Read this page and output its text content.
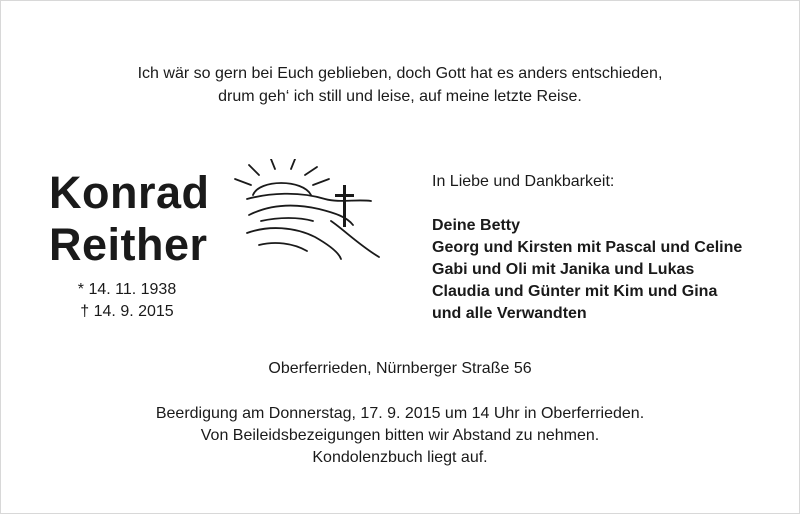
Ich wär so gern bei Euch geblieben, doch Gott hat es anders entschieden,
drum geh‘ ich still und leise, auf meine letzte Reise.
Konrad
Reither
* 14. 11. 1938
† 14. 9. 2015
In Liebe und Dankbarkeit:
Deine Betty
Georg und Kirsten mit Pascal und Celine
Gabi und Oli mit Janika und Lukas
Claudia und Günter mit Kim und Gina
und alle Verwandten
Oberferrieden, Nürnberger Straße 56
Beerdigung am Donnerstag, 17. 9. 2015 um 14 Uhr in Oberferrieden.
Von Beileidsbezeigungen bitten wir Abstand zu nehmen.
Kondolenzbuch liegt auf.
